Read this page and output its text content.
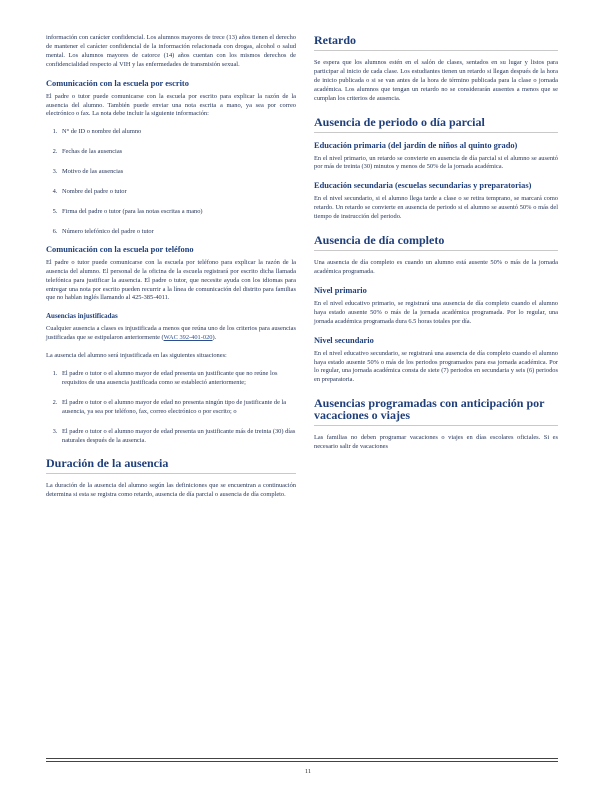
información con carácter confidencial. Los alumnos mayores de trece (13) años tienen el derecho de mantener el carácter confidencial de la información relacionada con drogas, alcohol o salud mental. Los alumnos mayores de catorce (14) años cuentan con los mismos derechos de confidencialidad respecto al VIH y las enfermedades de transmisión sexual.

Comunicación con la escuela por escrito

El padre o tutor puede comunicarse con la escuela por escrito para explicar la razón de la ausencia del alumno. También puede enviar una nota escrita a mano, ya sea por correo electrónico o fax. La nota debe incluir la siguiente información:

1. N° de ID o nombre del alumno
2. Fechas de las ausencias
3. Motivo de las ausencias
4. Nombre del padre o tutor
5. Firma del padre o tutor (para las notas escritas a mano)
6. Número telefónico del padre o tutor
Comunicación con la escuela por teléfono

El padre o tutor puede comunicarse con la escuela por teléfono para explicar la razón de la ausencia del alumno. El personal de la oficina de la escuela registrará por escrito dicha llamada telefónica para justificar la ausencia. El padre o tutor, que necesite ayuda con los idiomas para entregar una nota por escrito pueden recurrir a la línea de comunicación del distrito para familias que no hablan inglés llamando al 425-385-4011.

Ausencias injustificadas

Cualquier ausencia a clases es injustificada a menos que reúna uno de los criterios para ausencias justificadas que se estipularon anteriormente (WAC 392-401-020).

La ausencia del alumno será injustificada en las siguientes situaciones:

1. El padre o tutor o el alumno mayor de edad presenta un justificante que no reúne los requisitos de una ausencia justificada como se estableció anteriormente;
2. El padre o tutor o el alumno mayor de edad no presenta ningún tipo de justificante de la ausencia, ya sea por teléfono, fax, correo electrónico o por escrito; o
3. El padre o tutor o el alumno mayor de edad presenta un justificante más de treinta (30) días naturales después de la ausencia.
Duración de la ausencia

La duración de la ausencia del alumno según las definiciones que se encuentran a continuación determina si esta se registra como retardo, ausencia de día parcial o ausencia de día completo.

Retardo

Se espera que los alumnos estén en el salón de clases, sentados en su lugar y listos para participar al inicio de cada clase. Los estudiantes tienen un retardo si llegan después de la hora de inicio publicada o si se van antes de la hora de término publicada para la clase o jornada académica. Los alumnos que tengan un retardo no se considerarán ausentes a menos que se cumplan los criterios de ausencia.

Ausencia de periodo o día parcial
Educación primaria (del jardín de niños al quinto grado)

En el nivel primario, un retardo se convierte en ausencia de día parcial si el alumno se ausentó por más de treinta (30) minutos y menos de 50% de la jornada académica.

Educación secundaria (escuelas secundarias y preparatorias)

En el nivel secundario, si el alumno llega tarde a clase o se retira temprano, se marcará como retardo. Un retardo se convierte en ausencia de periodo si el alumno se ausentó 50% o más del tiempo de instrucción del periodo.

Ausencia de día completo

Una ausencia de día completo es cuando un alumno está ausente 50% o más de la jornada académica programada.

Nivel primario

En el nivel educativo primario, se registrará una ausencia de día completo cuando el alumno haya estado ausente 50% o más de la jornada académica programada. Por lo regular, una jornada académica programada dura 6.5 horas totales por día.

Nivel secundario

En el nivel educativo secundario, se registrará una ausencia de día completo cuando el alumno haya estado ausente 50% o más de los periodos programados para esa jornada académica. Por lo regular, una jornada académica consta de siete (7) periodos en secundaria y seis (6) periodos en preparatoria.

Ausencias programadas con anticipación por vacaciones o viajes

Las familias no deben programar vacaciones o viajes en días escolares oficiales. Si es necesario salir de vacaciones

11
